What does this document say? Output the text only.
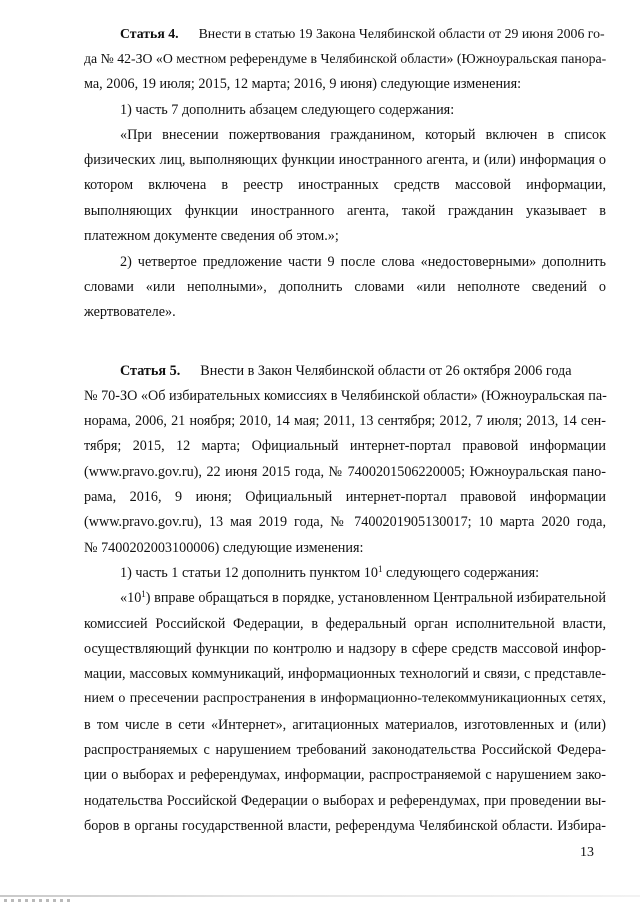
Статья 4. Внести в статью 19 Закона Челябинской области от 29 июня 2006 го-
да № 42-ЗО «О местном референдуме в Челябинской области» (Южноуральская панора-
ма, 2006, 19 июля; 2015, 12 марта; 2016, 9 июня) следующие изменения:
1) часть 7 дополнить абзацем следующего содержания:
«При внесении пожертвования гражданином, который включен в список
физических лиц, выполняющих функции иностранного агента, и (или) информация о
котором включена в реестр иностранных средств массовой информации,
выполняющих функции иностранного агента, такой гражданин указывает в
платежном документе сведения об этом.»;
2) четвертое предложение части 9 после слова «недостоверными» дополнить
словами «или неполными», дополнить словами «или неполноте сведений о
жертвователе».
Статья 5. Внести в Закон Челябинской области от 26 октября 2006 года
№ 70-ЗО «Об избирательных комиссиях в Челябинской области» (Южноуральская па-
норама, 2006, 21 ноября; 2010, 14 мая; 2011, 13 сентября; 2012, 7 июля; 2013, 14 сен-
тября; 2015, 12 марта; Официальный интернет-портал правовой информации
(www.pravo.gov.ru), 22 июня 2015 года, № 7400201506220005; Южноуральская пано-
рама, 2016, 9 июня; Официальный интернет-портал правовой информации
(www.pravo.gov.ru), 13 мая 2019 года, № 7400201905130017; 10 марта 2020 года,
№ 7400202003100006) следующие изменения:
1) часть 1 статьи 12 дополнить пунктом $10^1$ следующего содержания:
«$10^1$) вправе обращаться в порядке, установленном Центральной избирательной
комиссией Российской Федерации, в федеральный орган исполнительной власти,
осуществляющий функции по контролю и надзору в сфере средств массовой инфор-
мации, массовых коммуникаций, информационных технологий и связи, с представле-
нием о пресечении распространения в информационно-телекоммуникационных сетях,
в том числе в сети «Интернет», агитационных материалов, изготовленных и (или)
распространяемых с нарушением требований законодательства Российской Федера-
ции о выборах и референдумах, информации, распространяемой с нарушением зако-
нодательства Российской Федерации о выборах и референдумах, при проведении вы-
боров в органы государственной власти, референдума Челябинской области. Избира-
13
